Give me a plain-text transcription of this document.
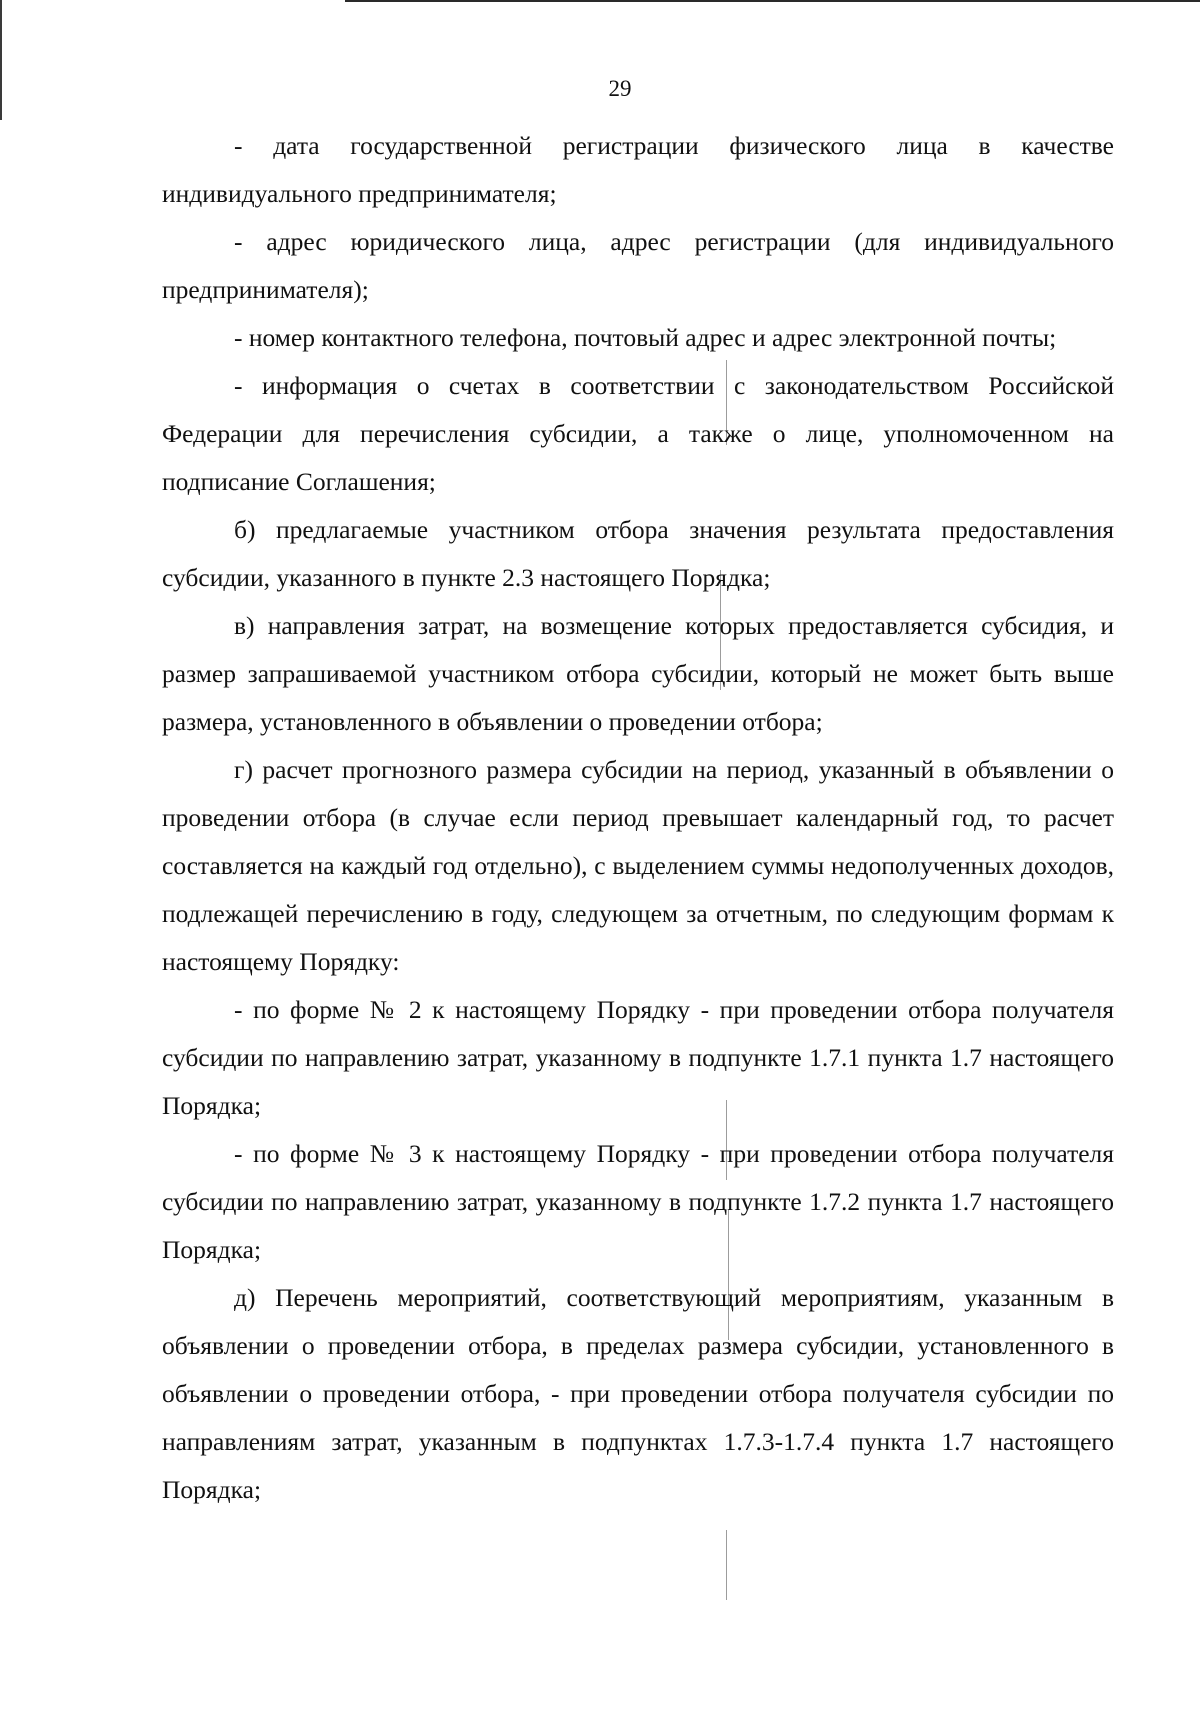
29

- дата государственной регистрации физического лица в качестве индивидуального предпринимателя;

- адрес юридического лица, адрес регистрации (для индивидуального предпринимателя);

- номер контактного телефона, почтовый адрес и адрес электронной почты;

- информация о счетах в соответствии с законодательством Российской Федерации для перечисления субсидии, а также о лице, уполномоченном на подписание Соглашения;

б) предлагаемые участником отбора значения результата предоставления субсидии, указанного в пункте 2.3 настоящего Порядка;

в) направления затрат, на возмещение которых предоставляется субсидия, и размер запрашиваемой участником отбора субсидии, который не может быть выше размера, установленного в объявлении о проведении отбора;

г) расчет прогнозного размера субсидии на период, указанный в объявлении о проведении отбора (в случае если период превышает календарный год, то расчет составляется на каждый год отдельно), с выделением суммы недополученных доходов, подлежащей перечислению в году, следующем за отчетным, по следующим формам к настоящему Порядку:

- по форме № 2 к настоящему Порядку - при проведении отбора получателя субсидии по направлению затрат, указанному в подпункте 1.7.1 пункта 1.7 настоящего Порядка;

- по форме № 3 к настоящему Порядку - при проведении отбора получателя субсидии по направлению затрат, указанному в подпункте 1.7.2 пункта 1.7 настоящего Порядка;

д) Перечень мероприятий, соответствующий мероприятиям, указанным в объявлении о проведении отбора, в пределах размера субсидии, установленного в объявлении о проведении отбора, - при проведении отбора получателя субсидии по направлениям затрат, указанным в подпунктах 1.7.3-1.7.4 пункта 1.7 настоящего Порядка;
